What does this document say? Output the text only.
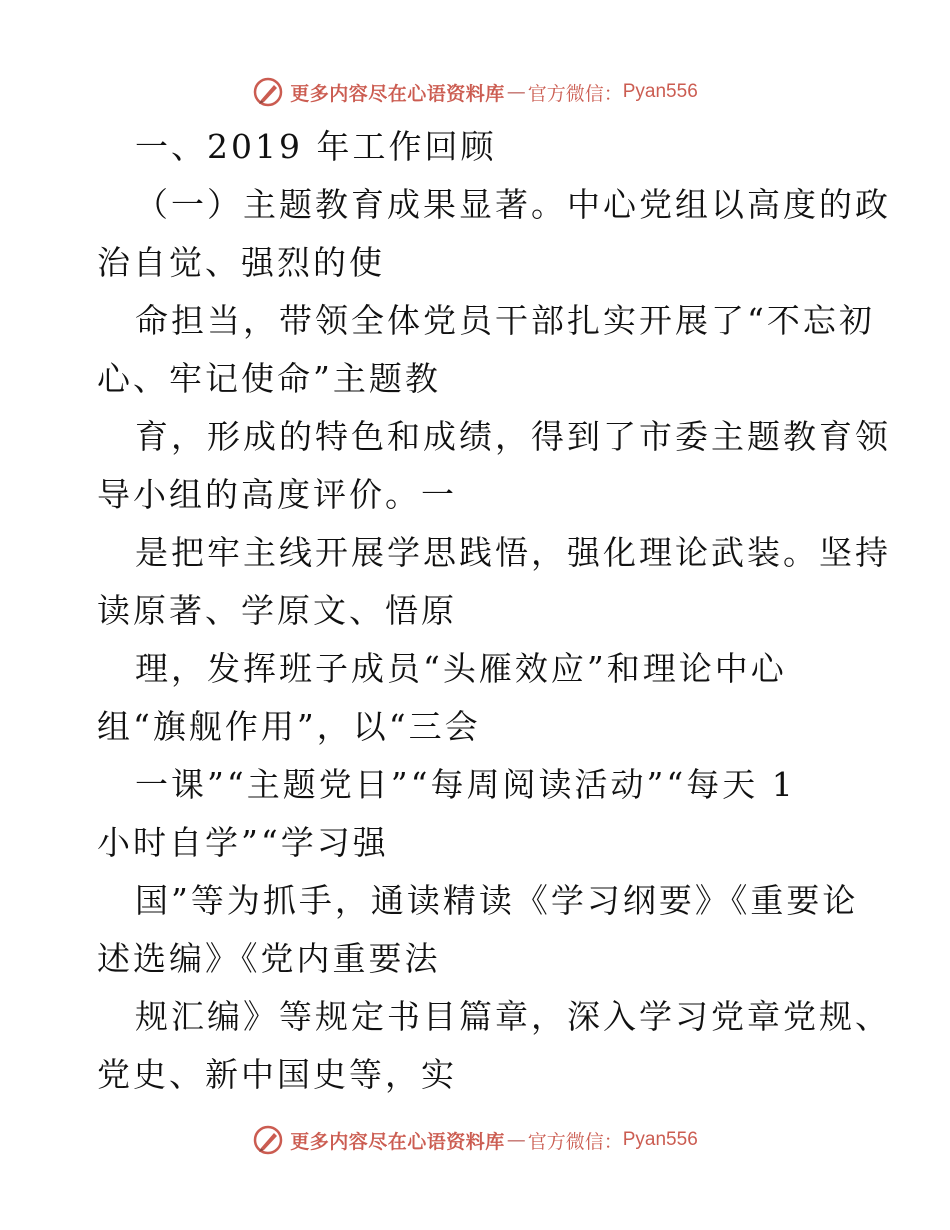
更多内容尽在心语资料库 — 官方微信： Pyan556
一、2019 年工作回顾
（一）主题教育成果显著。中心党组以高度的政
治自觉、强烈的使
命担当，带领全体党员干部扎实开展了“不忘初
心、牢记使命”主题教
育，形成的特色和成绩，得到了市委主题教育领
导小组的高度评价。一
是把牢主线开展学思践悟，强化理论武装。坚持
读原著、学原文、悟原
理，发挥班子成员“头雁效应”和理论中心
组“旗舰作用”，以“三会
一课”“主题党日”“每周阅读活动”“每天 1
小时自学”“学习强
国”等为抓手，通读精读《学习纲要》《重要论
述选编》《党内重要法
规汇编》等规定书目篇章，深入学习党章党规、
党史、新中国史等，实
更多内容尽在心语资料库 — 官方微信： Pyan556
